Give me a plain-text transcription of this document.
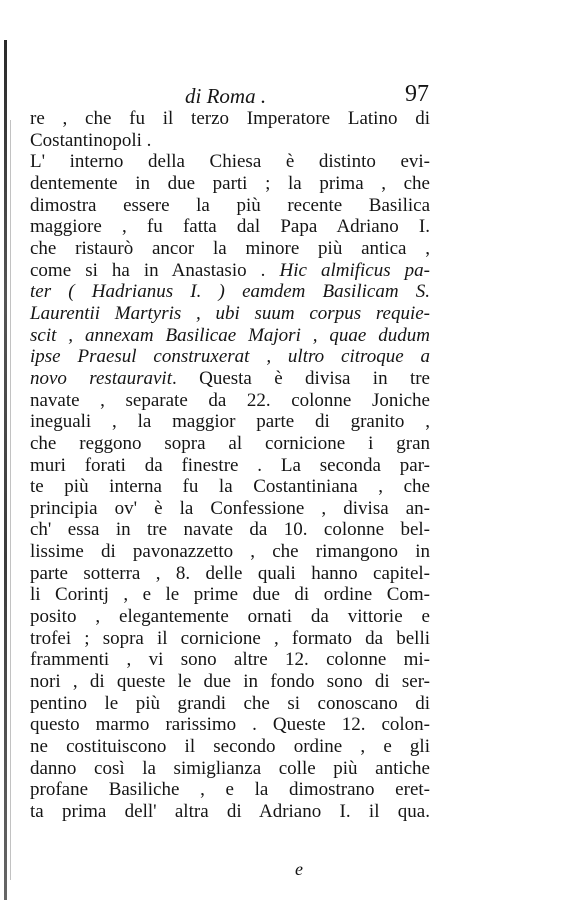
di Roma .	97
re , che fu il terzo Imperatore Latino di
Costantinopoli .
L' interno della Chiesa è distinto evi-
dentemente in due parti ; la prima , che
dimostra essere la più recente Basilica
maggiore , fu fatta dal Papa Adriano I.
che ristaurò ancor la minore più antica ,
come si ha in Anastasio . Hic almificus pa-
ter ( Hadrianus I. ) eamdem Basilicam S.
Laurentii Martyris , ubi suum corpus requie-
scit , annexam Basilicae Majori , quae dudum
ipse Praesul construxerat , ultro citroque a
novo restauravit. Questa è divisa in tre
navate , separate da 22. colonne Joniche
ineguali , la maggior parte di granito ,
che reggono sopra al cornicione i gran
muri forati da finestre . La seconda par-
te più interna fu la Costantiniana , che
principia ov' è la Confessione , divisa an-
ch' essa in tre navate da 10. colonne bel-
lissime di pavonazzetto , che rimangono in
parte sotterra , 8. delle quali hanno capitel-
li Corintj , e le prime due di ordine Com-
posito , elegantemente ornati da vittorie e
trofei ; sopra il cornicione , formato da belli
frammenti , vi sono altre 12. colonne mi-
nori , di queste le due in fondo sono di ser-
pentino le più grandi che si conoscano di
questo marmo rarissimo . Queste 12. colon-
ne costituiscono il secondo ordine , e gli
danno così la simiglianza colle più antiche
profane Basiliche , e la dimostrano eret-
ta prima dell' altra di Adriano I. il qua.
e
